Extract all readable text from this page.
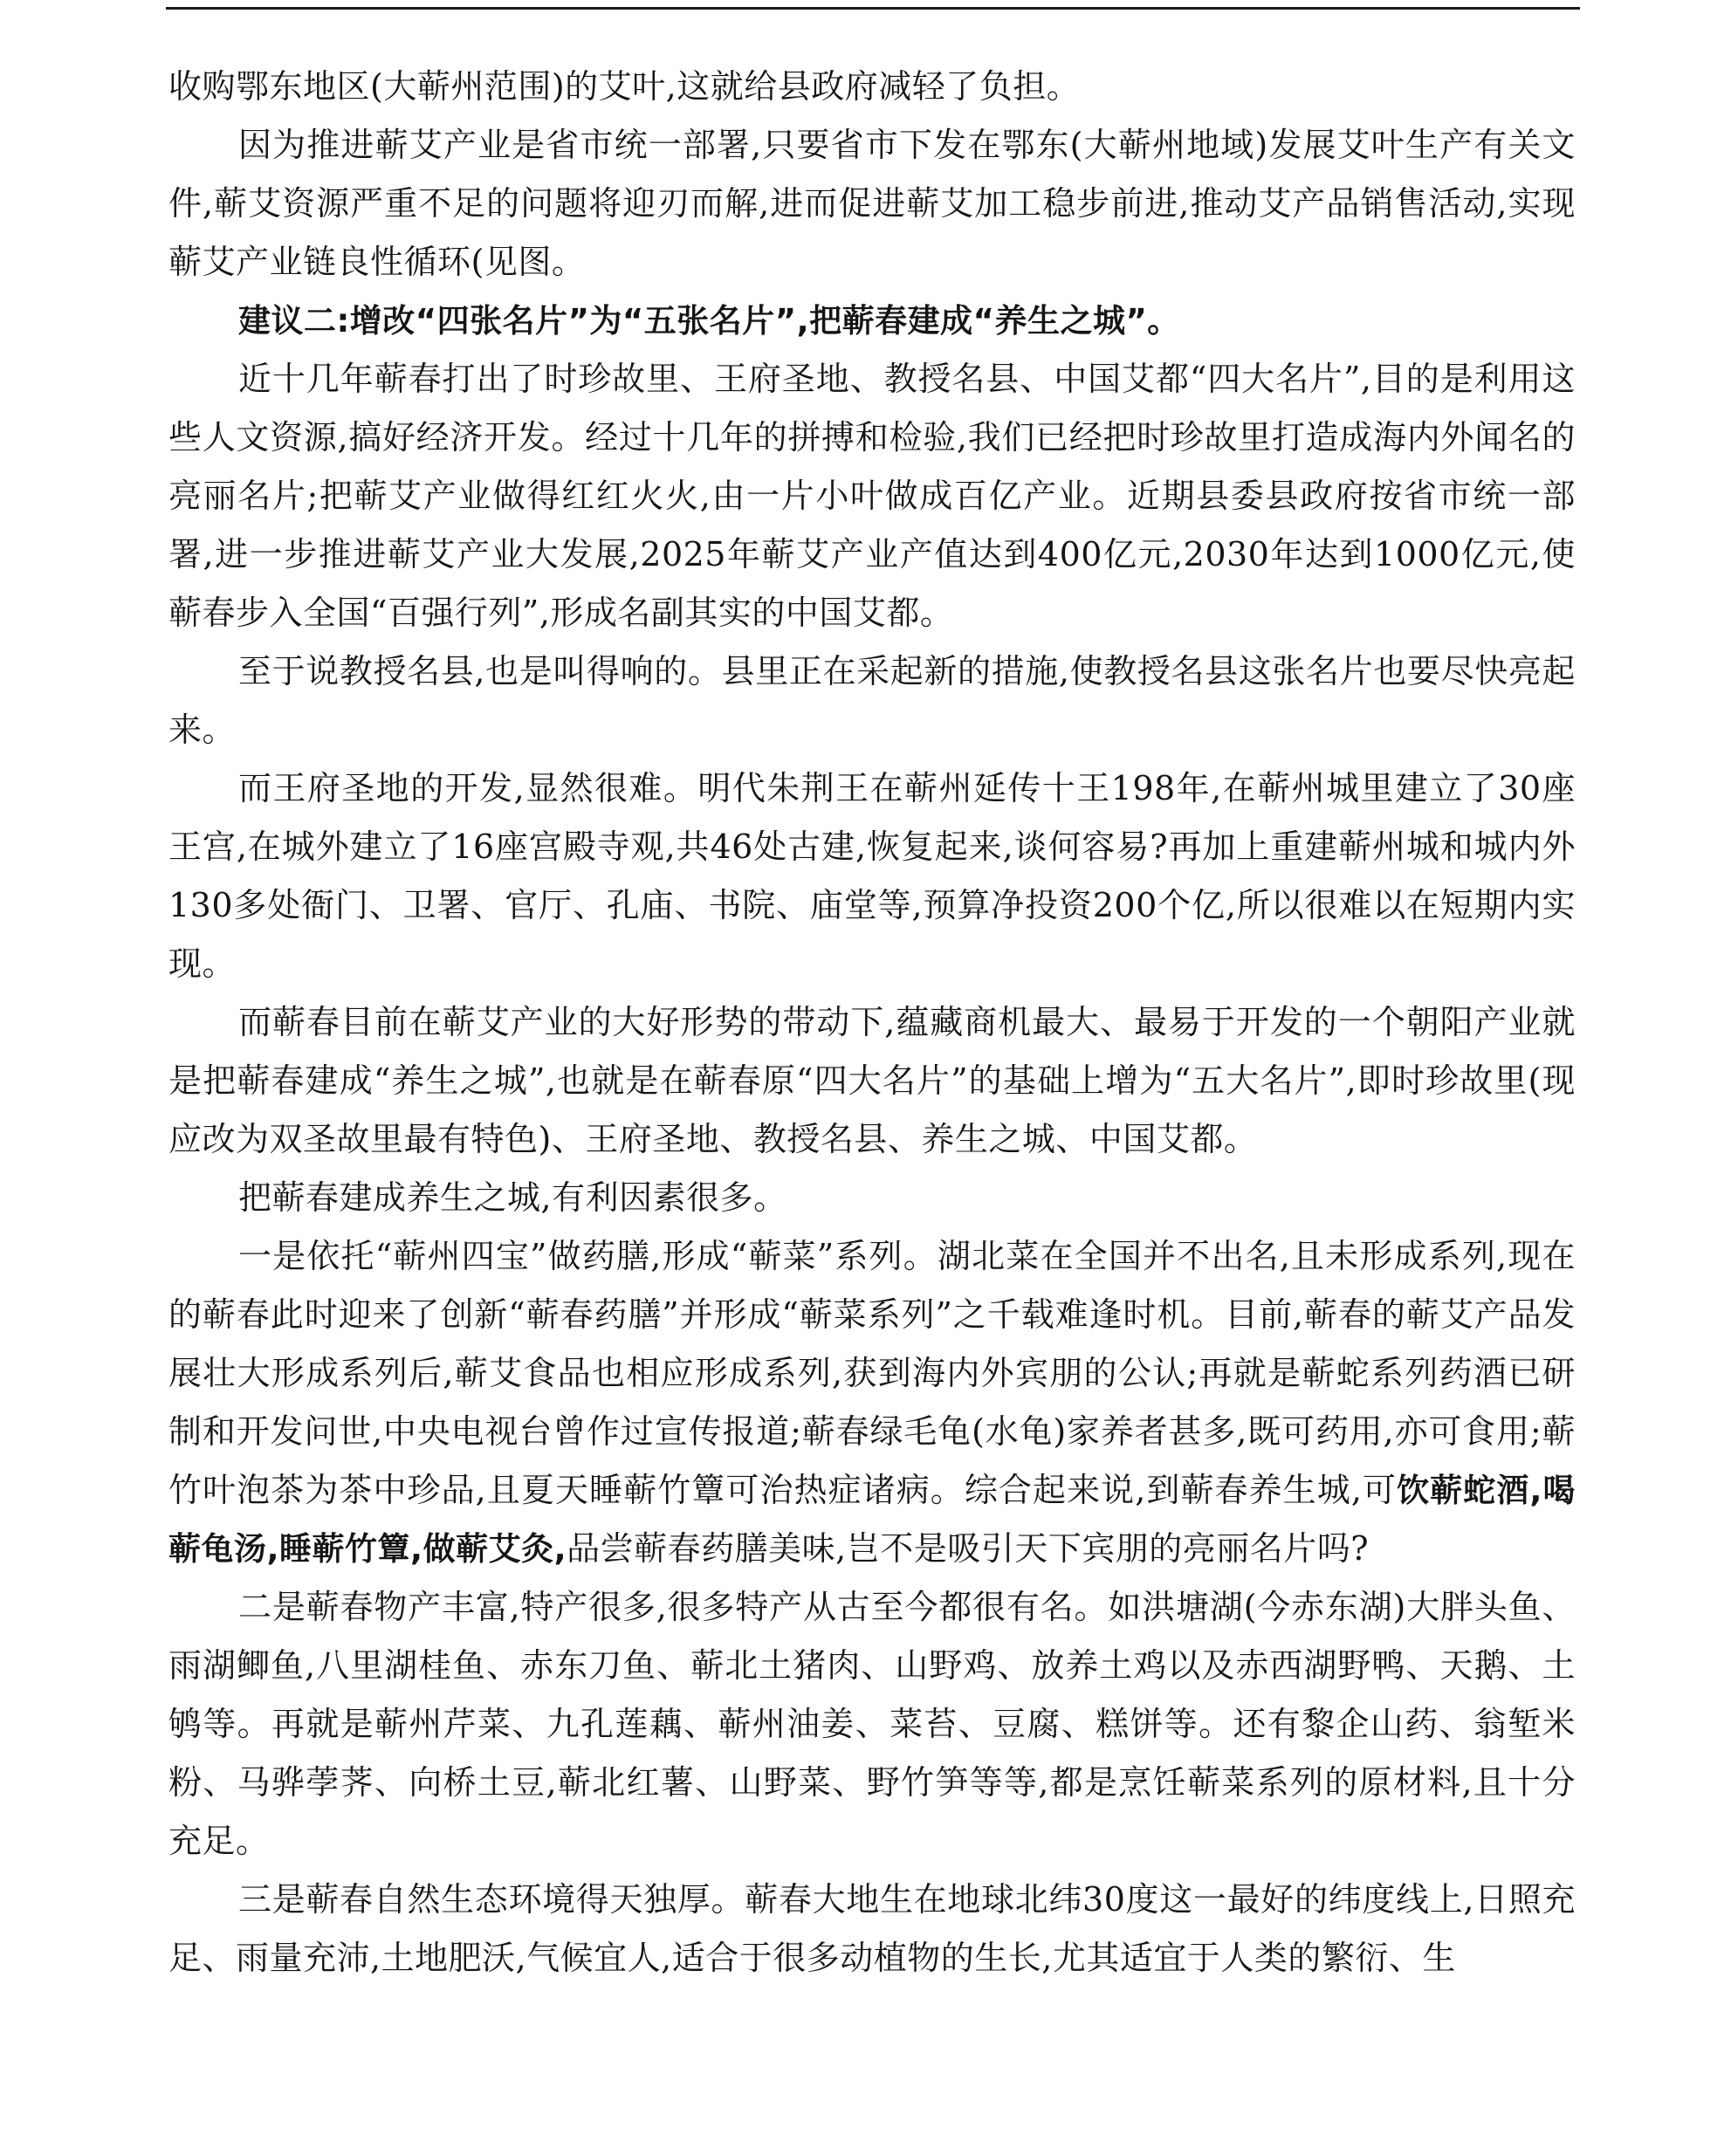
收购鄂东地区(大蕲州范围)的艾叶,这就给县政府减轻了负担。

因为推进蕲艾产业是省市统一部署,只要省市下发在鄂东(大蕲州地域)发展艾叶生产有关文件,蕲艾资源严重不足的问题将迎刃而解,进而促进蕲艾加工稳步前进,推动艾产品销售活动,实现蕲艾产业链良性循环(见图。

建议二:增改“四张名片”为“五张名片”,把蕲春建成“养生之城”。

近十几年蕲春打出了时珍故里、王府圣地、教授名县、中国艾都“四大名片”,目的是利用这些人文资源,搞好经济开发。经过十几年的拼搏和检验,我们已经把时珍故里打造成海内外闻名的亮丽名片;把蕲艾产业做得红红火火,由一片小叶做成百亿产业。近期县委县政府按省市统一部署,进一步推进蕲艾产业大发展,2025年蕲艾产业产值达到400亿元,2030年达到1000亿元,使蕲春步入全国“百强行列”,形成名副其实的中国艾都。

至于说教授名县,也是叫得响的。县里正在采起新的措施,使教授名县这张名片也要尽快亮起来。

而王府圣地的开发,显然很难。明代朱荆王在蕲州延传十王198年,在蕲州城里建立了30座王宫,在城外建立了16座宫殿寺观,共46处古建,恢复起来,谈何容易?再加上重建蕲州城和城内外130多处衙门、卫署、官厅、孔庙、书院、庙堂等,预算净投资200个亿,所以很难以在短期内实现。

而蕲春目前在蕲艾产业的大好形势的带动下,蕴藏商机最大、最易于开发的一个朝阳产业就是把蕲春建成“养生之城”,也就是在蕲春原“四大名片”的基础上增为“五大名片”,即时珍故里(现应改为双圣故里最有特色)、王府圣地、教授名县、养生之城、中国艾都。

把蕲春建成养生之城,有利因素很多。

一是依托“蕲州四宝”做药膳,形成“蕲菜”系列。湖北菜在全国并不出名,且未形成系列,现在的蕲春此时迎来了创新“蕲春药膳”并形成“蕲菜系列”之千载难逢时机。目前,蕲春的蕲艾产品发展壮大形成系列后,蕲艾食品也相应形成系列,获到海内外宾朋的公认;再就是蕲蛇系列药酒已研制和开发问世,中央电视台曾作过宣传报道;蕲春绿毛龟(水龟)家养者甚多,既可药用,亦可食用;蕲竹叶泡茶为茶中珍品,且夏天睡蕲竹簟可治热症诸病。综合起来说,到蕲春养生城,可饮蕲蛇酒,喝蕲龟汤,睡蕲竹簟,做蕲艾灸,品尝蕲春药膳美味,岂不是吸引天下宾朋的亮丽名片吗?

二是蕲春物产丰富,特产很多,很多特产从古至今都很有名。如洪塘湖(今赤东湖)大胖头鱼、雨湖鲫鱼,八里湖桂鱼、赤东刀鱼、蕲北土猪肉、山野鸡、放养土鸡以及赤西湖野鸭、天鹅、土鸲等。再就是蕲州芹菜、九孔莲藕、蕲州油姜、菜苔、豆腐、糕饼等。还有黎企山药、翁堑米粉、马骅荸荠、向桥土豆,蕲北红薯、山野菜、野竹笋等等,都是烹饪蕲菜系列的原材料,且十分充足。

三是蕲春自然生态环境得天独厚。蕲春大地生在地球北纬30度这一最好的纬度线上,日照充足、雨量充沛,土地肥沃,气候宜人,适合于很多动植物的生长,尤其适宜于人类的繁衍、生
